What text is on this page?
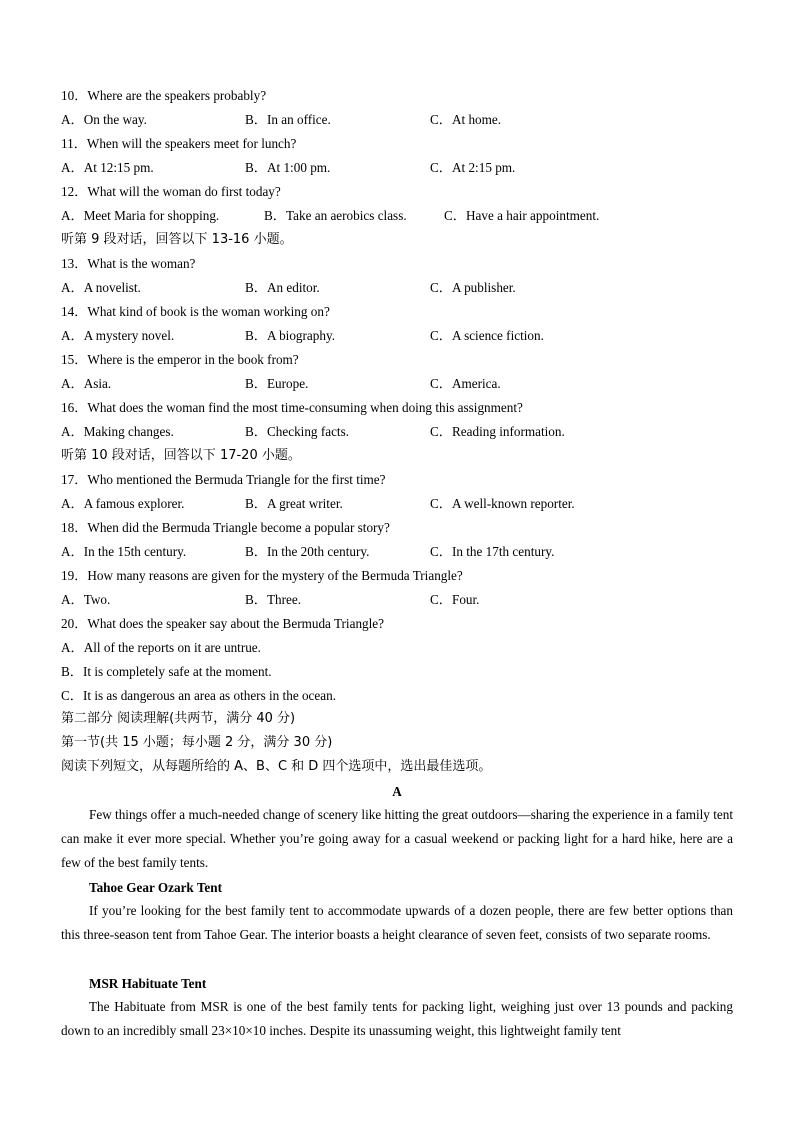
10．Where are the speakers probably?
A．On the way.	B．In an office.	C．At home.
11．When will the speakers meet for lunch?
A．At 12:15 pm.	B．At 1:00 pm.	C．At 2:15 pm.
12．What will the woman do first today?
A．Meet Maria for shopping.	B．Take an aerobics class.	C．Have a hair appointment.
听第 9 段对话，回答以下 13-16 小题。
13．What is the woman?
A．A novelist.	B．An editor.	C．A publisher.
14．What kind of book is the woman working on?
A．A mystery novel.	B．A biography.	C．A science fiction.
15．Where is the emperor in the book from?
A．Asia.	B．Europe.	C．America.
16．What does the woman find the most time-consuming when doing this assignment?
A．Making changes.	B．Checking facts.	C．Reading information.
听第 10 段对话，回答以下 17-20 小题。
17．Who mentioned the Bermuda Triangle for the first time?
A．A famous explorer.	B．A great writer.	C．A well-known reporter.
18．When did the Bermuda Triangle become a popular story?
A．In the 15th century.	B．In the 20th century.	C．In the 17th century.
19．How many reasons are given for the mystery of the Bermuda Triangle?
A．Two.	B．Three.	C．Four.
20．What does the speaker say about the Bermuda Triangle?
A．All of the reports on it are untrue.
B．It is completely safe at the moment.
C．It is as dangerous an area as others in the ocean.
第二部分 阅读理解(共两节，满分 40 分)
第一节(共 15 小题；每小题 2 分，满分 30 分)
阅读下列短文，从每题所给的 A、B、C 和 D 四个选项中，选出最佳选项。
A
Few things offer a much-needed change of scenery like hitting the great outdoors—sharing the experience in a family tent can make it ever more special. Whether you’re going away for a casual weekend or packing light for a hard hike, here are a few of the best family tents.
Tahoe Gear Ozark Tent
If you’re looking for the best family tent to accommodate upwards of a dozen people, there are few better options than this three-season tent from Tahoe Gear. The interior boasts a height clearance of seven feet, consists of two separate rooms.
MSR Habituate Tent
The Habituate from MSR is one of the best family tents for packing light, weighing just over 13 pounds and packing down to an incredibly small 23×10×10 inches. Despite its unassuming weight, this lightweight family tent
